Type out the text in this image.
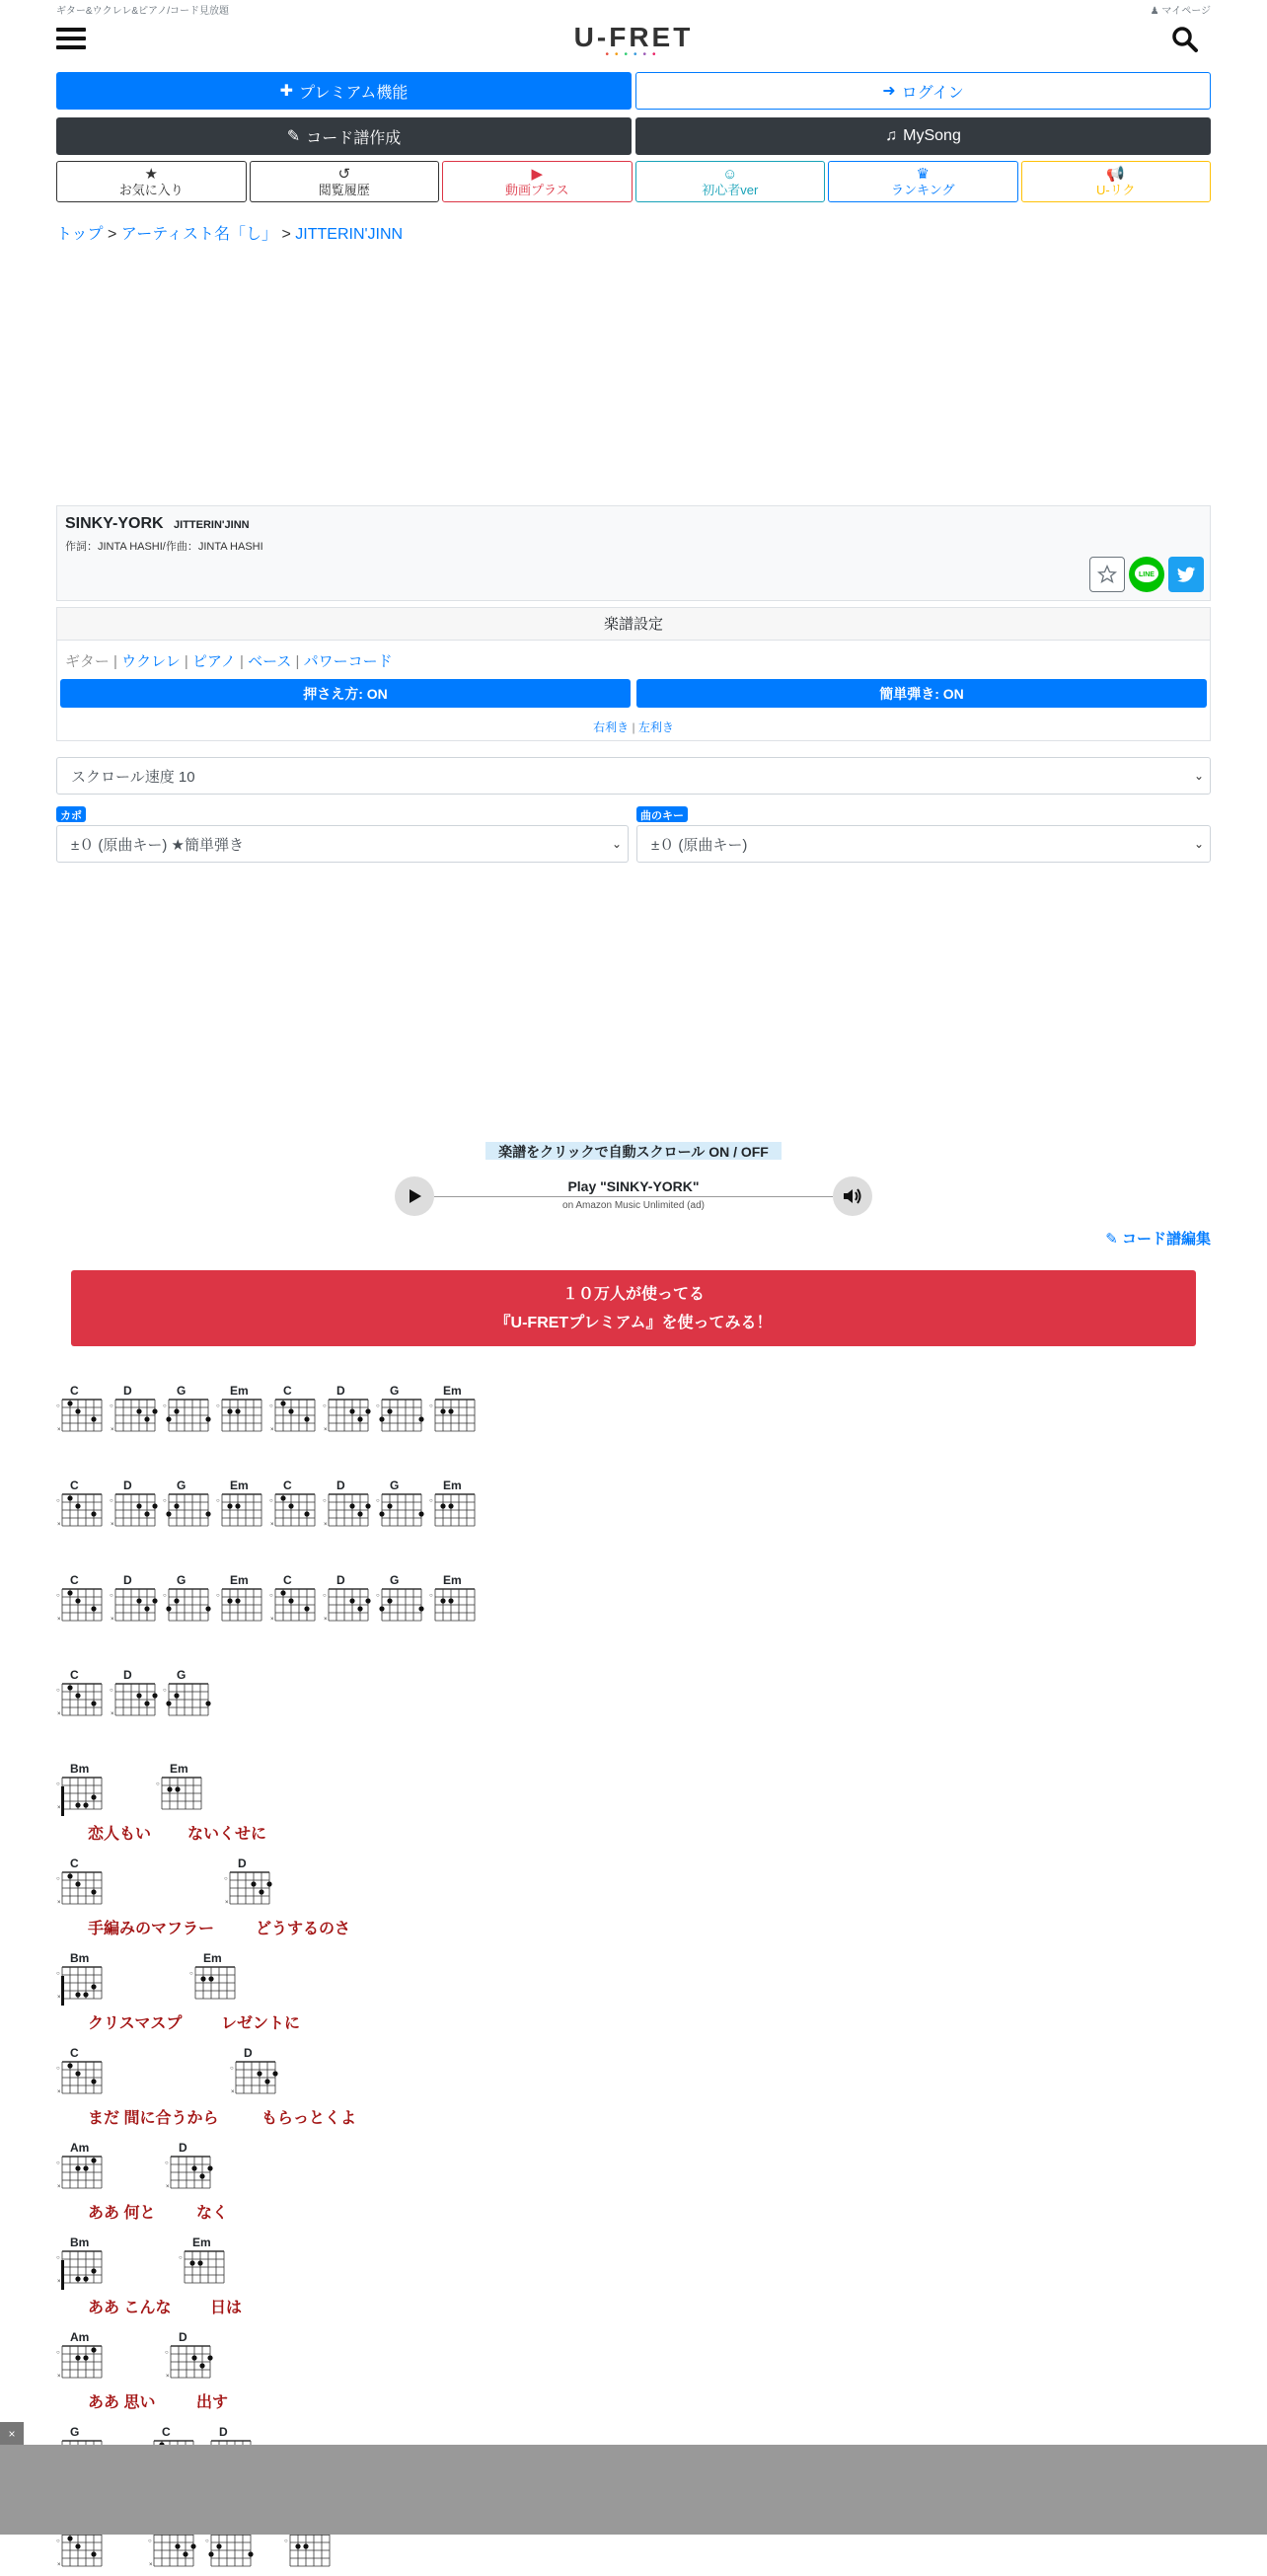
ギター&ウクレレ&ピアノ/コード見放題	♟ マイページ
U-FRET
••••••
✚ プレミアム機能	➜ ログイン
✎ コード譜作成	♫ MySong
★
お気に入り
↺
閲覧履歴
▶
動画プラス
☺
初心者ver
♛
ランキング
📢
U-リク
トップ > アーティスト名「し」 > JITTERIN'JINN
SINKY-YORK JITTERIN'JINN
作詞：JINTA HASHI/作曲：JINTA HASHI
LINE
楽譜設定
ギター | ウクレレ | ピアノ | ベース | パワーコード
押さえ方: ON	簡単弾き: ON
右利き | 左利き
スクロール速度 10	⌄
カポ	曲のキー
±０ (原曲キー) ★簡単弾き	⌄ ±０ (原曲キー)	⌄
楽譜をクリックで自動スクロール ON / OFF
Play "SINKY-YORK"
on Amazon Music Unlimited (ad)
✎ コード譜編集
１０万人が使ってる
『U-FRETプレミアム』を使ってみる！
C
×
○
D
×
○
G
○
Em
○
C
×
○
D
×
○
G
○
Em
○
C
×
○
D
×
○
G
○
Em
○
C
×
○
D
×
○
G
○
Em
○
C
×
○
D
×
○
G
○
Em
○
C
×
○
D
×
○
G
○
Em
○
C
×
○
D
×
○
G
○
Bm
×
○
Em
○
恋人もい ないくせに
C
×
○
D
×
○
手編みのマフラー	どうするのさ
Bm
×
○
Em
○
クリスマスプ レゼントに
C
×
○
D
×
○
まだ 間に合うから	もらっとくよ
Am
×
○
D
×
○
ああ 何と	なく
Bm
×
○
Em
○
ああ こんな 日は
Am
×
○
D
×
○
ああ 思い	出す
G	C	D
×
○
×
○	○	○
×
